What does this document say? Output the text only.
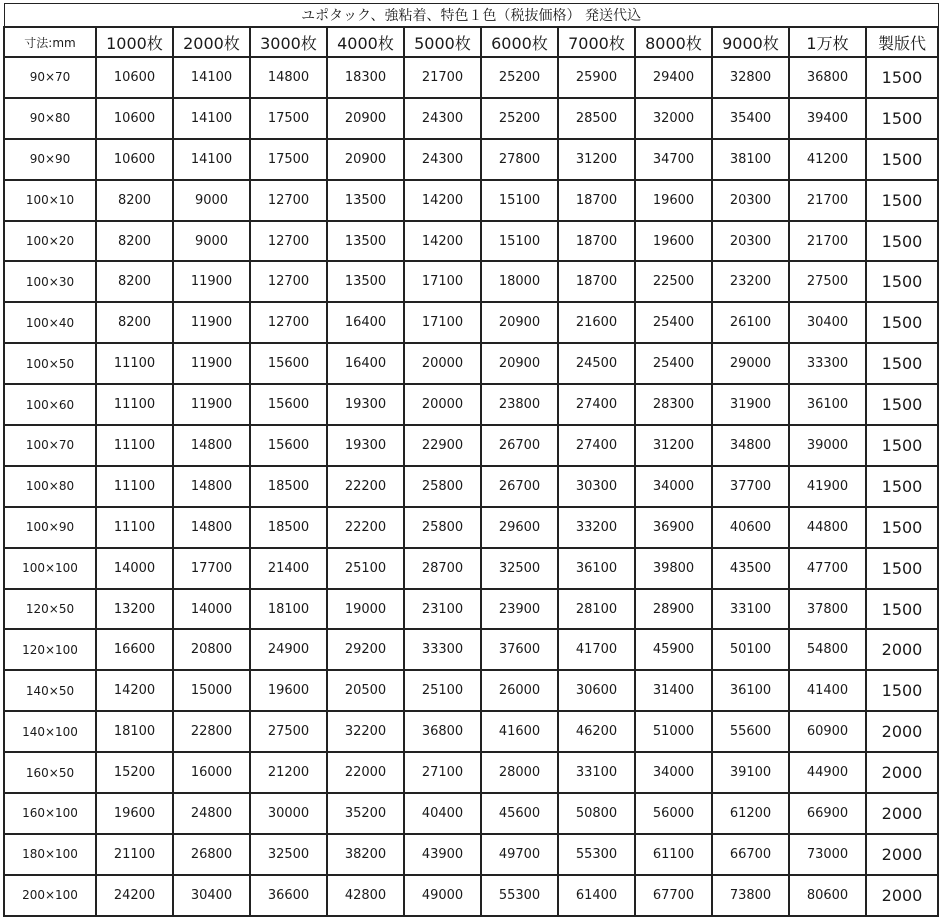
ユポタック、強粘着、特色１色（税抜価格） 発送代込											
寸法:mm	1000枚	2000枚	3000枚	4000枚	5000枚	6000枚	7000枚	8000枚	9000枚	1万枚	製版代
90×70	10600	14100	14800	18300	21700	25200	25900	29400	32800	36800	1500
90×80	10600	14100	17500	20900	24300	25200	28500	32000	35400	39400	1500
90×90	10600	14100	17500	20900	24300	27800	31200	34700	38100	41200	1500
100×10	8200	9000	12700	13500	14200	15100	18700	19600	20300	21700	1500
100×20	8200	9000	12700	13500	14200	15100	18700	19600	20300	21700	1500
100×30	8200	11900	12700	13500	17100	18000	18700	22500	23200	27500	1500
100×40	8200	11900	12700	16400	17100	20900	21600	25400	26100	30400	1500
100×50	11100	11900	15600	16400	20000	20900	24500	25400	29000	33300	1500
100×60	11100	11900	15600	19300	20000	23800	27400	28300	31900	36100	1500
100×70	11100	14800	15600	19300	22900	26700	27400	31200	34800	39000	1500
100×80	11100	14800	18500	22200	25800	26700	30300	34000	37700	41900	1500
100×90	11100	14800	18500	22200	25800	29600	33200	36900	40600	44800	1500
100×100	14000	17700	21400	25100	28700	32500	36100	39800	43500	47700	1500
120×50	13200	14000	18100	19000	23100	23900	28100	28900	33100	37800	1500
120×100	16600	20800	24900	29200	33300	37600	41700	45900	50100	54800	2000
140×50	14200	15000	19600	20500	25100	26000	30600	31400	36100	41400	1500
140×100	18100	22800	27500	32200	36800	41600	46200	51000	55600	60900	2000
160×50	15200	16000	21200	22000	27100	28000	33100	34000	39100	44900	2000
160×100	19600	24800	30000	35200	40400	45600	50800	56000	61200	66900	2000
180×100	21100	26800	32500	38200	43900	49700	55300	61100	66700	73000	2000
200×100	24200	30400	36600	42800	49000	55300	61400	67700	73800	80600	2000
